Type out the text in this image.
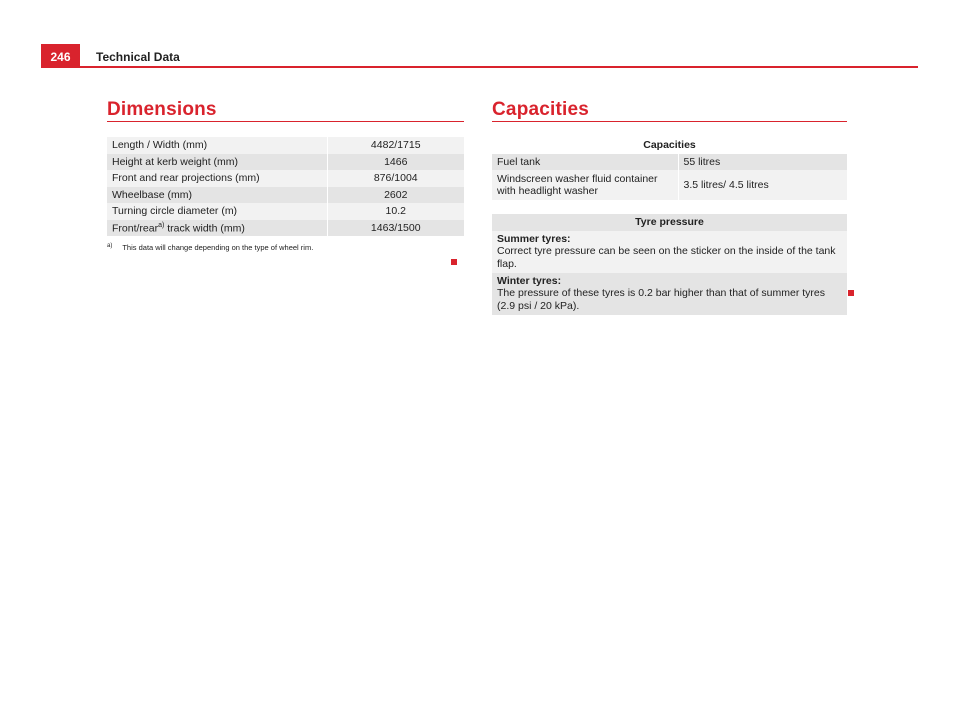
246	Technical Data
Dimensions
Length / Width (mm)	4482/1715
Height at kerb weight (mm)	1466
Front and rear projections (mm)	876/1004
Wheelbase (mm)	2602
Turning circle diameter (m)	10.2
Front/rear$^{a)}$ track width (mm)	1463/1500
$^{a)}$ This data will change depending on the type of wheel rim.
Capacities
Capacities	
Fuel tank	55 litres
Windscreen washer fluid container
with headlight washer	3.5 litres/ 4.5 litres

Tyre pressure	

Summer tyres:
Correct tyre pressure can be seen on the sticker on the inside of the tank flap.	

Winter tyres:
The pressure of these tyres is 0.2 bar higher than that of summer tyres (2.9 psi / 20 kPa).	
